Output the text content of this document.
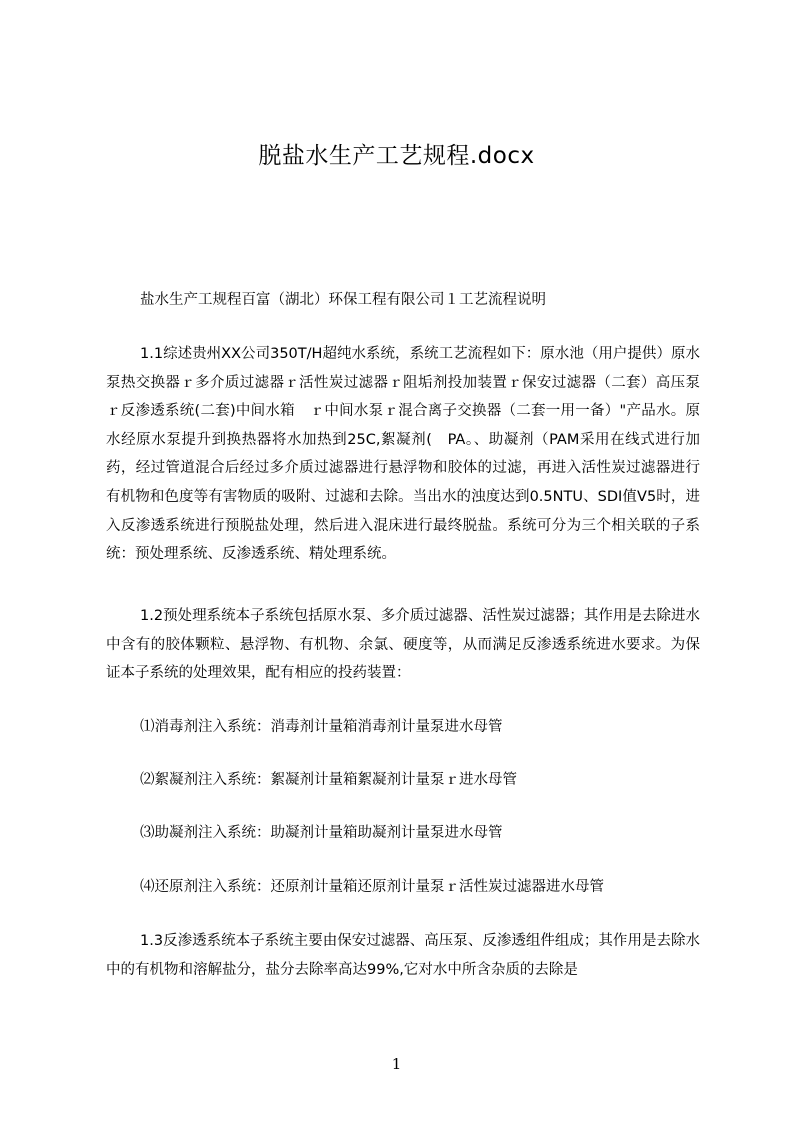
脱盐水生产工艺规程.docx
盐水生产工规程百富（湖北）环保工程有限公司１工艺流程说明
1.1综述贵州XX公司350T/H超纯水系统，系统工艺流程如下：原水池（用户提供）原水泵热交换器ｒ多介质过滤器ｒ活性炭过滤器ｒ阻垢剂投加装置ｒ保安过滤器（二套）高压泵ｒ反渗透系统(二套)中间水箱　ｒ中间水泵ｒ混合离子交换器（二套一用一备）"产品水。原水经原水泵提升到换热器将水加热到25C,絮凝剂(　PA。、助凝剂（PAM采用在线式进行加药，经过管道混合后经过多介质过滤器进行悬浮物和胶体的过滤，再进入活性炭过滤器进行有机物和色度等有害物质的吸附、过滤和去除。当出水的浊度达到0.5NTU、SDI值V5时，进入反渗透系统进行预脱盐处理，然后进入混床进行最终脱盐。系统可分为三个相关联的子系统：预处理系统、反渗透系统、精处理系统。
1.2预处理系统本子系统包括原水泵、多介质过滤器、活性炭过滤器；其作用是去除进水中含有的胶体颗粒、悬浮物、有机物、余氯、硬度等，从而满足反渗透系统进水要求。为保证本子系统的处理效果，配有相应的投药装置：
⑴消毒剂注入系统：消毒剂计量箱消毒剂计量泵进水母管
⑵絮凝剂注入系统：絮凝剂计量箱絮凝剂计量泵ｒ进水母管
⑶助凝剂注入系统：助凝剂计量箱助凝剂计量泵进水母管
⑷还原剂注入系统：还原剂计量箱还原剂计量泵ｒ活性炭过滤器进水母管
1.3反渗透系统本子系统主要由保安过滤器、高压泵、反渗透组件组成；其作用是去除水中的有机物和溶解盐分，盐分去除率高达99%,它对水中所含杂质的去除是
1
